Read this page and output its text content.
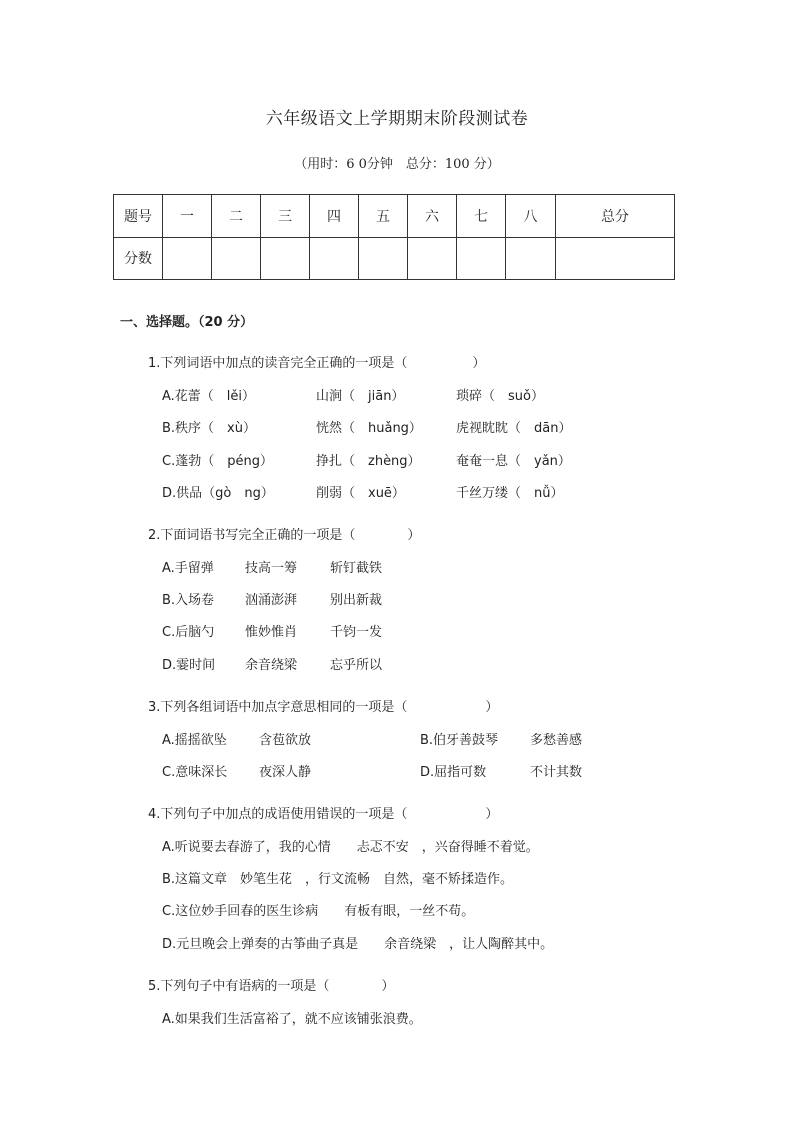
六年级语文上学期期末阶段测试卷
（用时：6 0分钟　总分：100 分）
题号	一	二	三	四	五	六	七	八	总分
分数									
一、选择题。（20 分）
1.下列词语中加点的读音完全正确的一项是（　　　　　）
A.花蕾（　lěi）	山涧（　jiān）	琐碎（　suǒ）
B.秩序（　xù）	恍然（　huǎng）	虎视眈眈（　dān）
C.蓬勃（　péng）	挣扎（　zhèng）	奄奄一息（　yǎn）
D.供品（gò　ng）	削弱（　xuē）	千丝万缕（　nǚ）
2.下面词语书写完全正确的一项是（　　　　）
A.手留弹 技高一筹	斩钉截铁
B.入场卷 汹涌澎湃	别出新裁
C.后脑勺 惟妙惟肖	千钧一发
D.霎时间 余音绕梁	忘乎所以
3.下列各组词语中加点字意思相同的一项是（　　　　　　）
A.摇摇欲坠 含苞欲放	B.伯牙善鼓琴 多愁善感
C.意味深长 夜深人静	D.屈指可数	不计其数
4.下列句子中加点的成语使用错误的一项是（　　　　　　）
A.听说要去春游了，我的心情　　忐忑不安　，兴奋得睡不着觉。
B.这篇文章　妙笔生花　，行文流畅　自然，毫不矫揉造作。
C.这位妙手回春的医生诊病　　有板有眼，一丝不苟。
D.元旦晚会上弹奏的古筝曲子真是　　余音绕梁　，让人陶醉其中。
5.下列句子中有语病的一项是（　　　　）
A.如果我们生活富裕了，就不应该铺张浪费。
